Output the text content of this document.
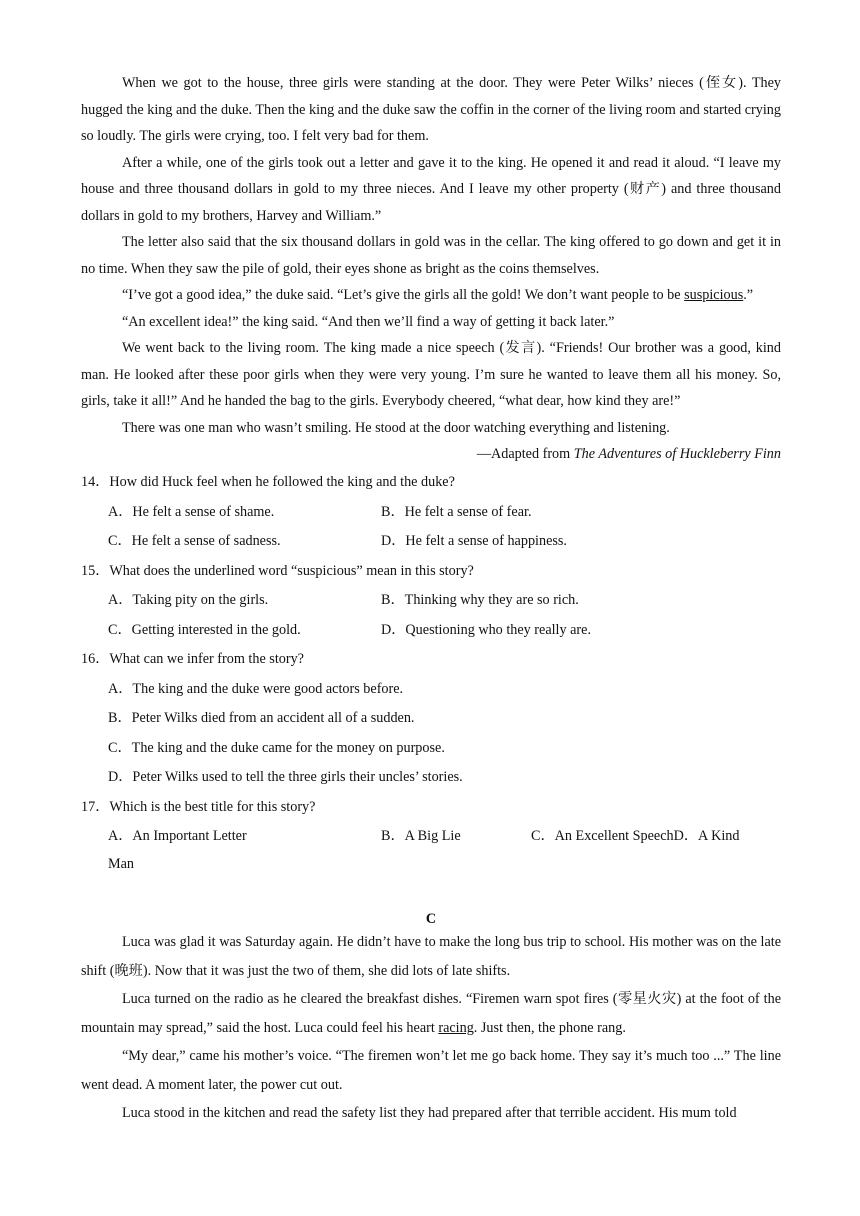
When we got to the house, three girls were standing at the door. They were Peter Wilks’ nieces (侄女). They hugged the king and the duke. Then the king and the duke saw the coffin in the corner of the living room and started crying so loudly. The girls were crying, too. I felt very bad for them.

After a while, one of the girls took out a letter and gave it to the king. He opened it and read it aloud. “I leave my house and three thousand dollars in gold to my three nieces. And I leave my other property (财产) and three thousand dollars in gold to my brothers, Harvey and William.”

The letter also said that the six thousand dollars in gold was in the cellar. The king offered to go down and get it in no time. When they saw the pile of gold, their eyes shone as bright as the coins themselves.

“I’ve got a good idea,” the duke said. “Let’s give the girls all the gold! We don’t want people to be suspicious.”

“An excellent idea!” the king said. “And then we’ll find a way of getting it back later.”

We went back to the living room. The king made a nice speech (发言). “Friends! Our brother was a good, kind man. He looked after these poor girls when they were very young. I’m sure he wanted to leave them all his money. So, girls, take it all!” And he handed the bag to the girls. Everybody cheered, “what dear, how kind they are!”

There was one man who wasn’t smiling. He stood at the door watching everything and listening.

—Adapted from The Adventures of Huckleberry Finn

14．How did Huck feel when he followed the king and the duke?

A．He felt a sense of shame.	B．He felt a sense of fear.
C．He felt a sense of sadness.	D．He felt a sense of happiness.

15．What does the underlined word “suspicious” mean in this story?

A．Taking pity on the girls.	B．Thinking why they are so rich.
C．Getting interested in the gold.	D．Questioning who they really are.

16．What can we infer from the story?

A．The king and the duke were good actors before.
B．Peter Wilks died from an accident all of a sudden.
C．The king and the duke came for the money on purpose.
D．Peter Wilks used to tell the three girls their uncles’ stories.

17．Which is the best title for this story?

A．An Important Letter	B．A Big Lie	C．An Excellent SpeechD．A Kind
Man
C

Luca was glad it was Saturday again. He didn’t have to make the long bus trip to school. His mother was on the late shift (晚班). Now that it was just the two of them, she did lots of late shifts.

Luca turned on the radio as he cleared the breakfast dishes. “Firemen warn spot fires (零星火灾) at the foot of the mountain may spread,” said the host. Luca could feel his heart racing. Just then, the phone rang.

“My dear,” came his mother’s voice. “The firemen won’t let me go back home. They say it’s much too ...” The line went dead. A moment later, the power cut out.

Luca stood in the kitchen and read the safety list they had prepared after that terrible accident. His mum told
